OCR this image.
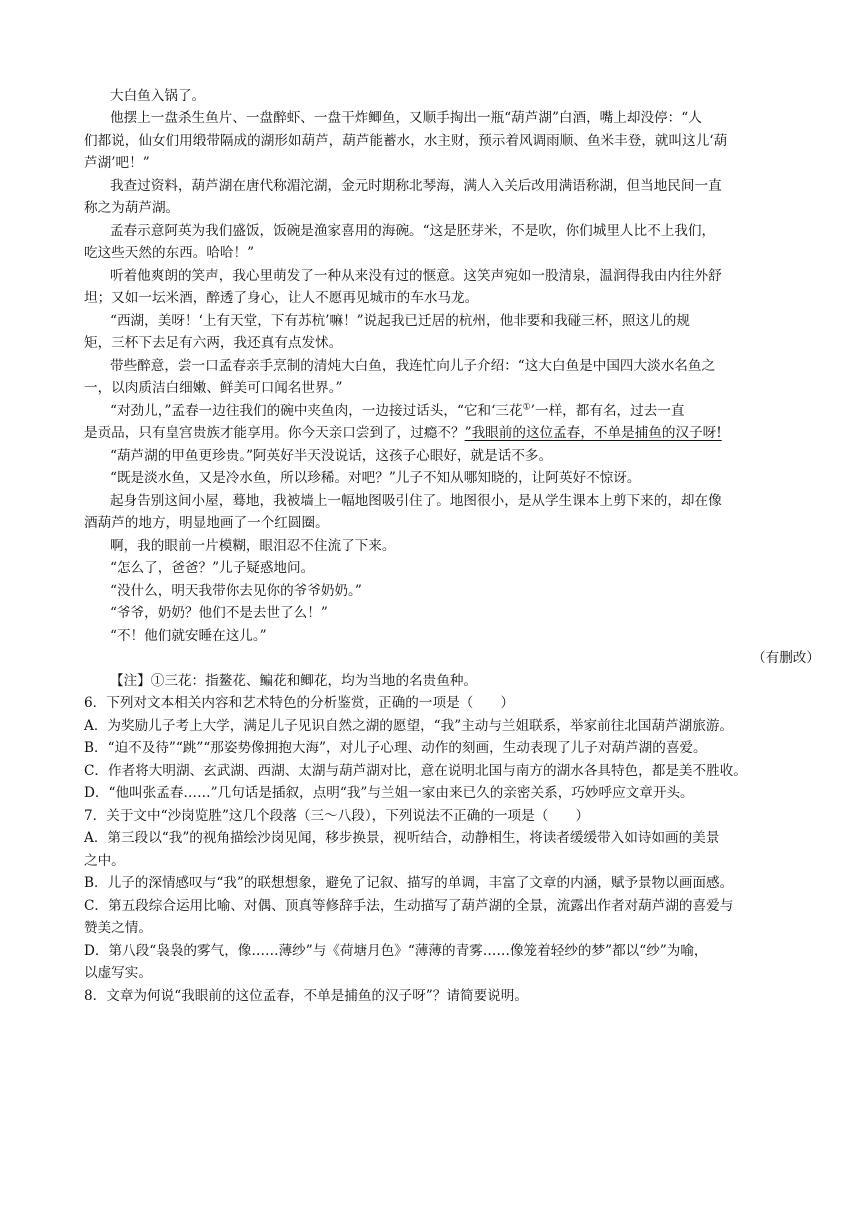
大白鱼入锅了。
他摆上一盘杀生鱼片、一盘醉虾、一盘干炸鲫鱼，又顺手掏出一瓶“葫芦湖”白酒，嘴上却没停：“人
们都说，仙女们用缎带隔成的湖形如葫芦，葫芦能蓄水，水主财，预示着风调雨顺、鱼米丰登，就叫这儿‘葫
芦湖’吧！”
我查过资料，葫芦湖在唐代称湄沱湖，金元时期称北琴海，满人入关后改用满语称湖，但当地民间一直
称之为葫芦湖。
孟春示意阿英为我们盛饭，饭碗是渔家喜用的海碗。“这是胚芽米，不是吹，你们城里人比不上我们，
吃这些天然的东西。哈哈！”
听着他爽朗的笑声，我心里萌发了一种从来没有过的惬意。这笑声宛如一股清泉，温润得我由内往外舒
坦；又如一坛米酒，醉透了身心，让人不愿再见城市的车水马龙。
“西湖，美呀！‘上有天堂，下有苏杭’嘛！”说起我已迁居的杭州，他非要和我碰三杯，照这儿的规
矩，三杯下去足有六两，我还真有点发怵。
带些醉意，尝一口孟春亲手烹制的清炖大白鱼，我连忙向儿子介绍：“这大白鱼是中国四大淡水名鱼之
一，以肉质洁白细嫩、鲜美可口闻名世界。”
“对劲儿，”孟春一边往我们的碗中夹鱼肉，一边接过话头，“它和‘三花①’一样，都有名，过去一直
是贡品，只有皇宫贵族才能享用。你今天亲口尝到了，过瘾不？”我眼前的这位孟春，不单是捕鱼的汉子呀!
“葫芦湖的甲鱼更珍贵。”阿英好半天没说话，这孩子心眼好，就是话不多。
“既是淡水鱼，又是冷水鱼，所以珍稀。对吧？”儿子不知从哪知晓的，让阿英好不惊讶。
起身告别这间小屋，蓦地，我被墙上一幅地图吸引住了。地图很小，是从学生课本上剪下来的，却在像
酒葫芦的地方，明显地画了一个红圆圈。
啊，我的眼前一片模糊，眼泪忍不住流了下来。
“怎么了，爸爸？”儿子疑惑地问。
“没什么，明天我带你去见你的爷爷奶奶。”
“爷爷，奶奶？他们不是去世了么！”
“不！他们就安睡在这儿。”
（有删改）
【注】①三花：指鳌花、鳊花和鲫花，均为当地的名贵鱼种。
6．下列对文本相关内容和艺术特色的分析鉴赏，正确的一项是（　　）
A．为奖励儿子考上大学，满足儿子见识自然之湖的愿望，“我”主动与兰姐联系，举家前往北国葫芦湖旅游。
B．“迫不及待”“跳”“那姿势像拥抱大海”，对儿子心理、动作的刻画，生动表现了儿子对葫芦湖的喜爱。
C．作者将大明湖、玄武湖、西湖、太湖与葫芦湖对比，意在说明北国与南方的湖水各具特色，都是美不胜收。
D．“他叫张孟春……”几句话是插叙，点明“我”与兰姐一家由来已久的亲密关系，巧妙呼应文章开头。
7．关于文中“沙岗览胜”这几个段落（三～八段），下列说法不正确的一项是（　　）
A．第三段以“我”的视角描绘沙岗见闻，移步换景，视听结合，动静相生，将读者缓缓带入如诗如画的美景
之中。
B．儿子的深情感叹与“我”的联想想象，避免了记叙、描写的单调，丰富了文章的内涵，赋予景物以画面感。
C．第五段综合运用比喻、对偶、顶真等修辞手法，生动描写了葫芦湖的全景，流露出作者对葫芦湖的喜爱与
赞美之情。
D．第八段“袅袅的雾气，像……薄纱”与《荷塘月色》“薄薄的青雾……像笼着轻纱的梦”都以“纱”为喻，
以虚写实。
8．文章为何说“我眼前的这位孟春，不单是捕鱼的汉子呀”？请简要说明。
